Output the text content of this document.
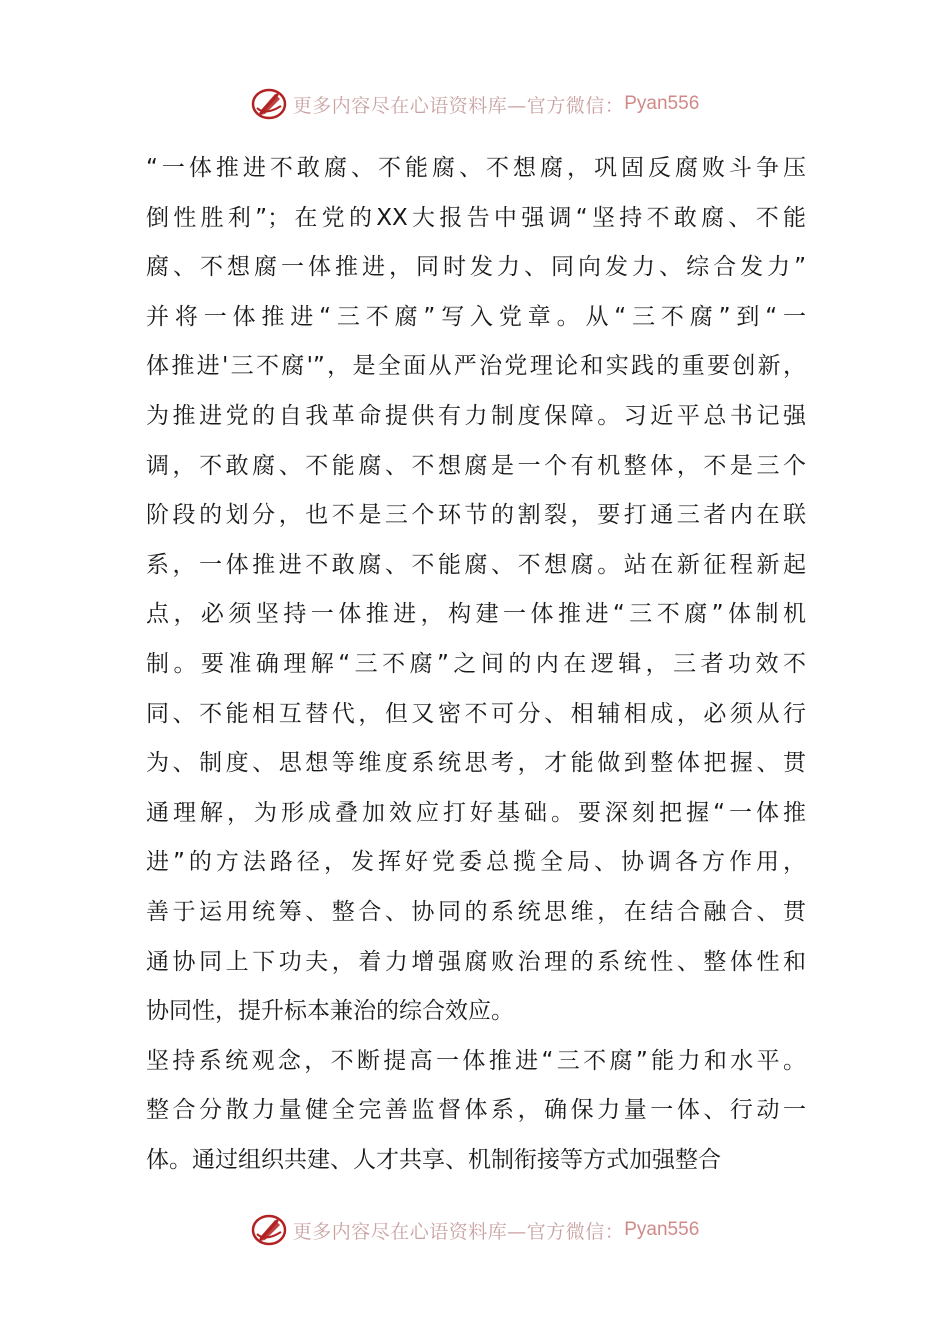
更多内容尽在心语资料库—官方微信： Pyan556
“一体推进不敢腐、不能腐、不想腐，巩固反腐败斗争压
倒性胜利”；在党的XX大报告中强调“坚持不敢腐、不能
腐、不想腐一体推进，同时发力、同向发力、综合发力”
并将一体推进“三不腐”写入党章。从“三不腐”到“一
体推进'三不腐'”，是全面从严治党理论和实践的重要创新，
为推进党的自我革命提供有力制度保障。习近平总书记强
调，不敢腐、不能腐、不想腐是一个有机整体，不是三个
阶段的划分，也不是三个环节的割裂，要打通三者内在联
系，一体推进不敢腐、不能腐、不想腐。站在新征程新起
点，必须坚持一体推进，构建一体推进“三不腐”体制机
制。要准确理解“三不腐”之间的内在逻辑，三者功效不
同、不能相互替代，但又密不可分、相辅相成，必须从行
为、制度、思想等维度系统思考，才能做到整体把握、贯
通理解，为形成叠加效应打好基础。要深刻把握“一体推
进”的方法路径，发挥好党委总揽全局、协调各方作用，
善于运用统筹、整合、协同的系统思维，在结合融合、贯
通协同上下功夫，着力增强腐败治理的系统性、整体性和
协同性，提升标本兼治的综合效应。
坚持系统观念，不断提高一体推进“三不腐”能力和水平。
整合分散力量健全完善监督体系，确保力量一体、行动一
体。通过组织共建、人才共享、机制衔接等方式加强整合
更多内容尽在心语资料库—官方微信： Pyan556
